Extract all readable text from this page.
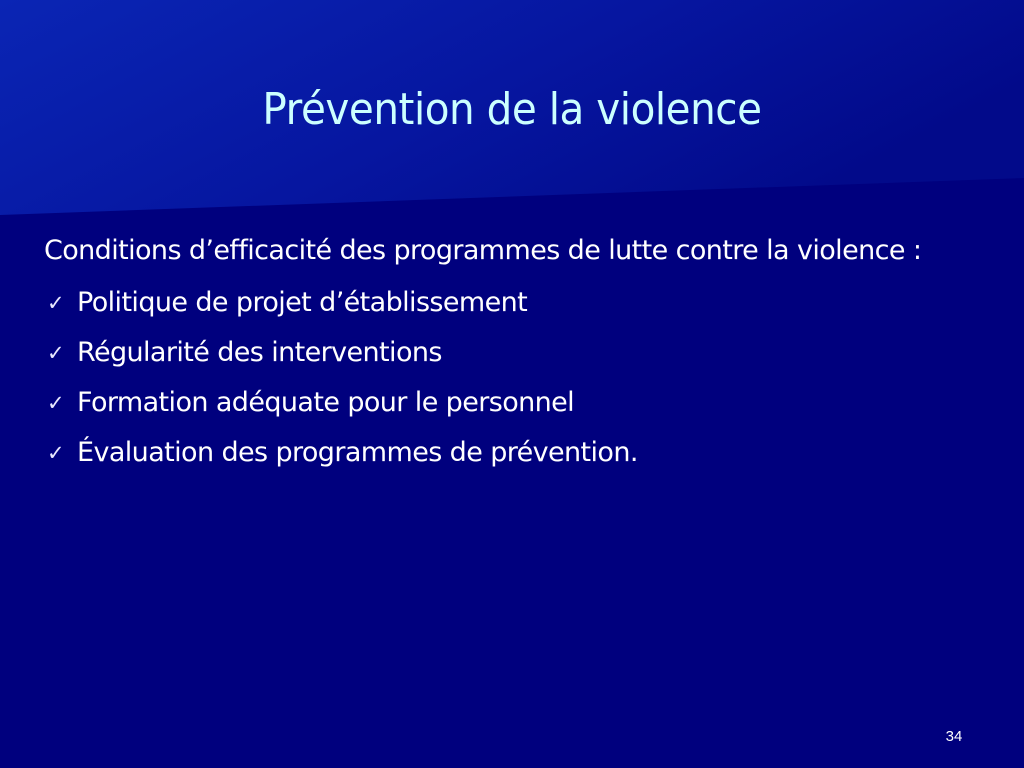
Prévention de la violence

Conditions d’efficacité des programmes de lutte contre la violence :

✓ Politique de projet d’établissement
✓ Régularité des interventions
✓ Formation adéquate pour le personnel
✓ Évaluation des programmes de prévention.
34
